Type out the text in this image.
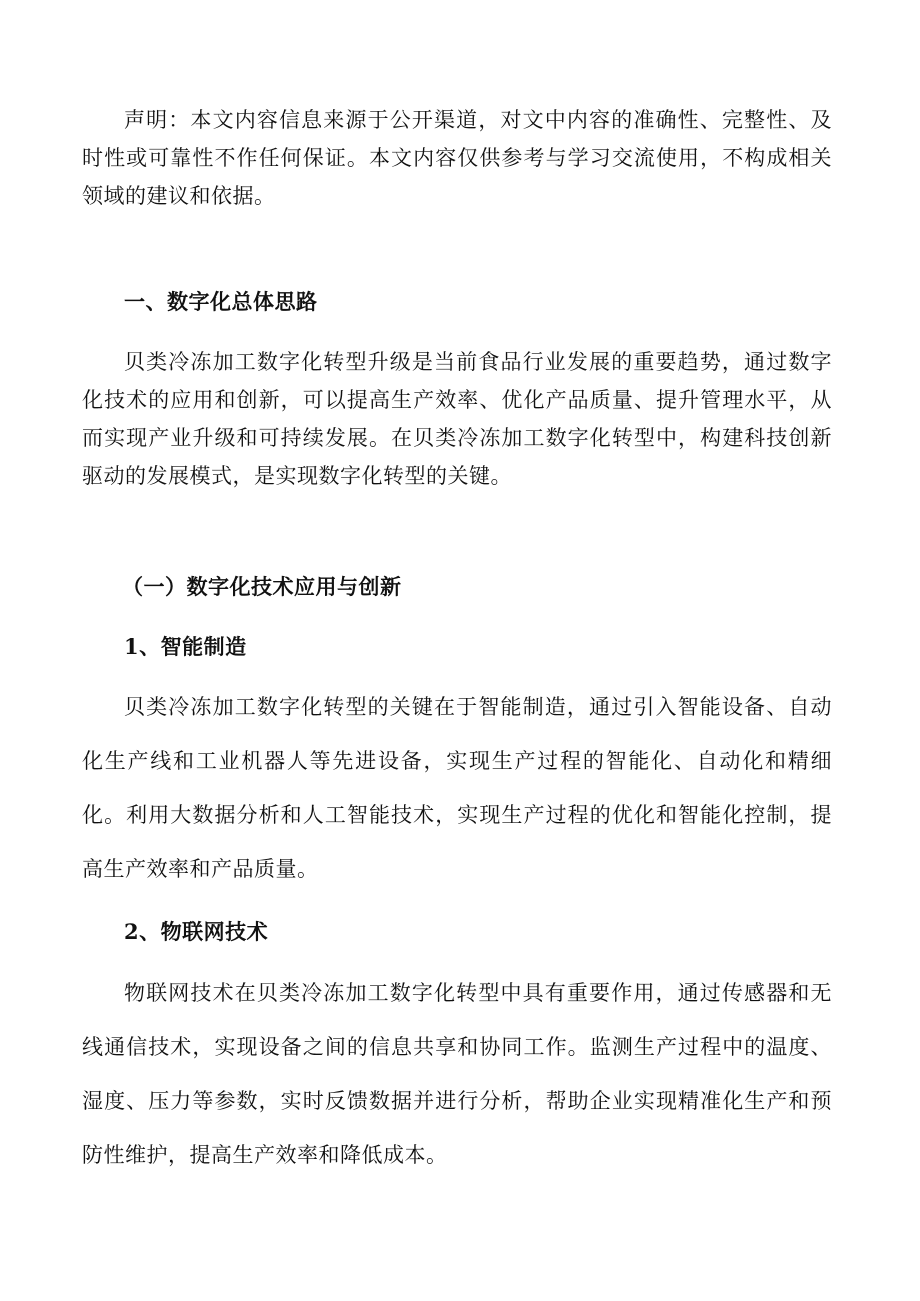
声明：本文内容信息来源于公开渠道，对文中内容的准确性、完整性、及时性或可靠性不作任何保证。本文内容仅供参考与学习交流使用，不构成相关领域的建议和依据。

一、数字化总体思路

贝类冷冻加工数字化转型升级是当前食品行业发展的重要趋势，通过数字化技术的应用和创新，可以提高生产效率、优化产品质量、提升管理水平，从而实现产业升级和可持续发展。在贝类冷冻加工数字化转型中，构建科技创新驱动的发展模式，是实现数字化转型的关键。

（一）数字化技术应用与创新
1、智能制造

贝类冷冻加工数字化转型的关键在于智能制造，通过引入智能设备、自动化生产线和工业机器人等先进设备，实现生产过程的智能化、自动化和精细化。利用大数据分析和人工智能技术，实现生产过程的优化和智能化控制，提高生产效率和产品质量。

2、物联网技术

物联网技术在贝类冷冻加工数字化转型中具有重要作用，通过传感器和无线通信技术，实现设备之间的信息共享和协同工作。监测生产过程中的温度、湿度、压力等参数，实时反馈数据并进行分析，帮助企业实现精准化生产和预防性维护，提高生产效率和降低成本。
